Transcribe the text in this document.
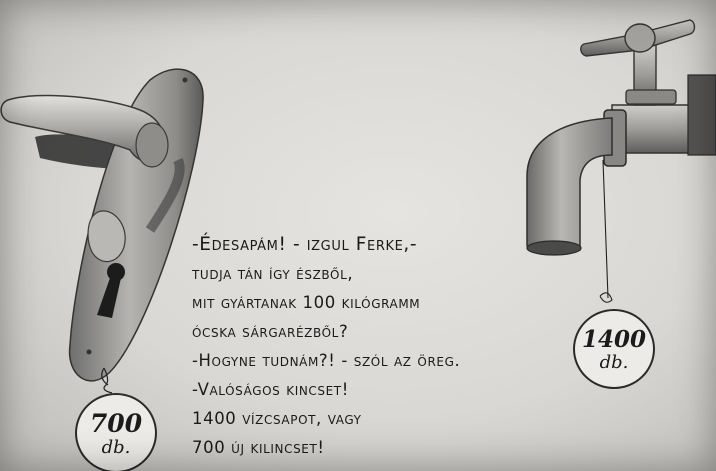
-Édesapám! - izgul Ferke,-
tudja tán így észből,
mit gyártanak 100 kilógramm
ócska sárgarézből?
-Hogyne tudnám?! - szól az öreg.
-Valóságos kincset!
1400 vízcsapot, vagy
700 új kilincset!
700
db.
1400
db.
